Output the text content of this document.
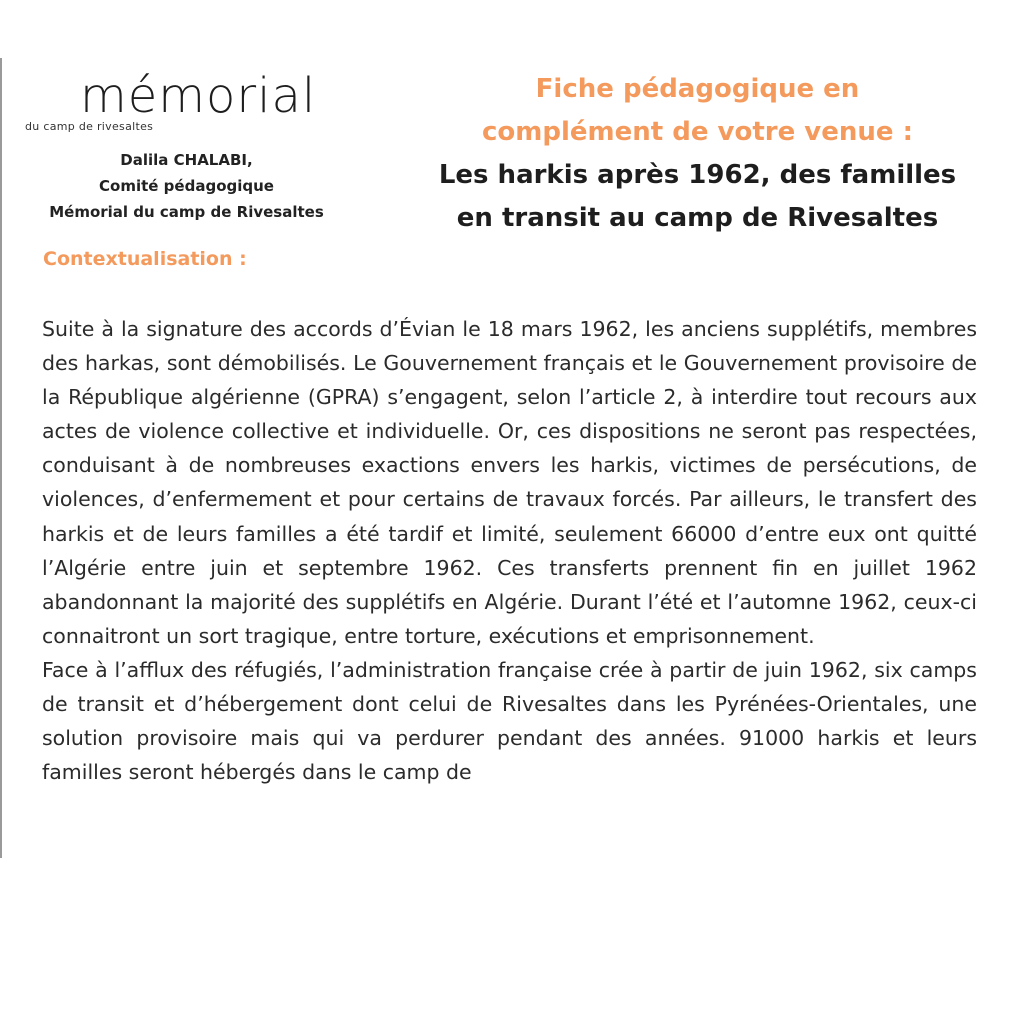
mémorial
du camp de rivesaltes
Dalila CHALABI,
Comité pédagogique
Mémorial du camp de Rivesaltes
Fiche pédagogique en
complément de votre venue :
Les harkis après 1962, des familles
en transit au camp de Rivesaltes
Contextualisation :

Suite à la signature des accords d’Évian le 18 mars 1962, les anciens supplétifs, membres des harkas, sont démobilisés. Le Gouvernement français et le Gouvernement provisoire de la République algérienne (GPRA) s’engagent, selon l’article 2, à interdire tout recours aux actes de violence collective et individuelle. Or, ces dispositions ne seront pas respectées, conduisant à de nombreuses exactions envers les harkis, victimes de persécutions, de violences, d’enfermement et pour certains de travaux forcés. Par ailleurs, le transfert des harkis et de leurs familles a été tardif et limité, seulement 66000 d’entre eux ont quitté l’Algérie entre juin et septembre 1962. Ces transferts prennent fin en juillet 1962 abandonnant la majorité des supplétifs en Algérie. Durant l’été et l’automne 1962, ceux-ci connaitront un sort tragique, entre torture, exécutions et emprisonnement.

Face à l’afflux des réfugiés, l’administration française crée à partir de juin 1962, six camps de transit et d’hébergement dont celui de Rivesaltes dans les Pyrénées-Orientales, une solution provisoire mais qui va perdurer pendant des années. 91000 harkis et leurs familles seront hébergés dans le camp de
